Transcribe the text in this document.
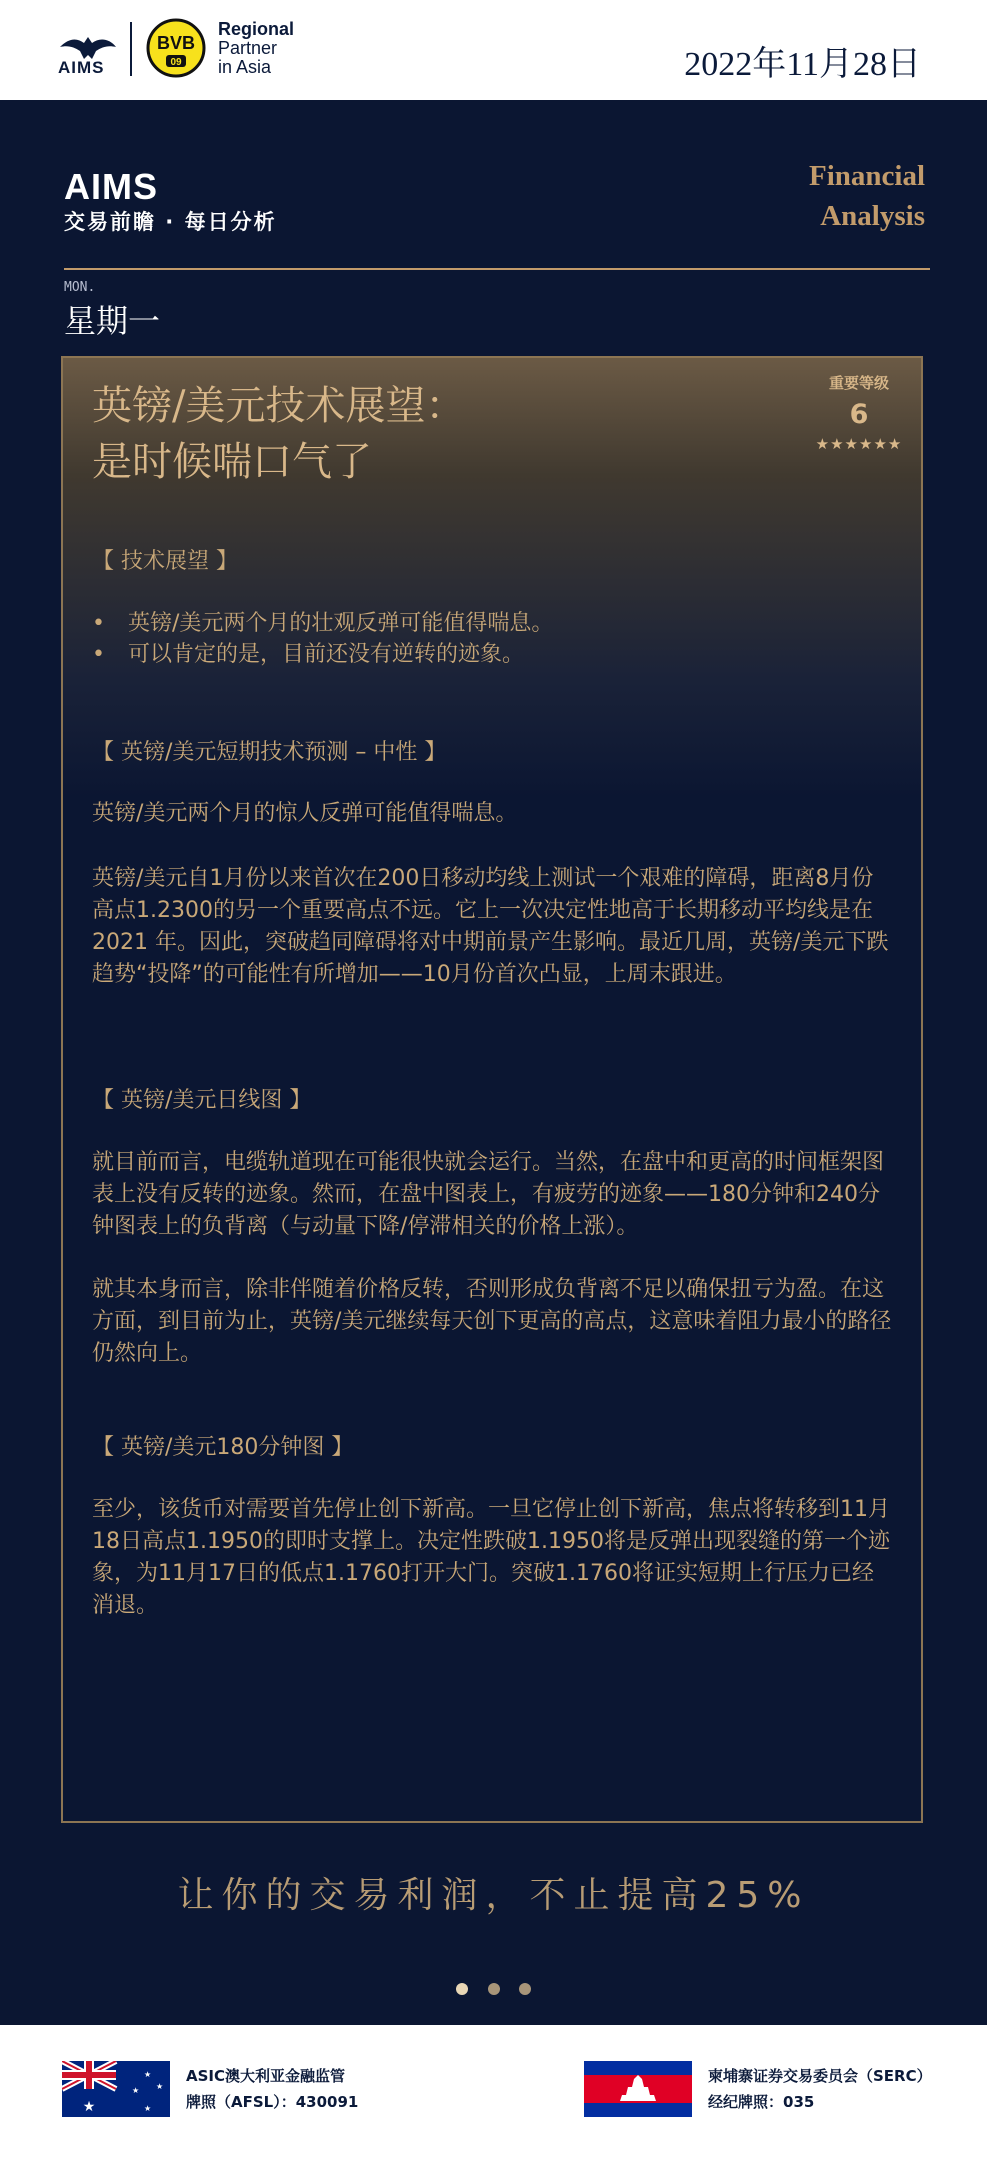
AIMS
BVB
09
Regional
Partner
in Asia	2022年11月28日
AIMS
交易前瞻 · 每日分析
Financial
Analysis
MON.
星期一
英镑/美元技术展望：
是时候喘口气了
重要等级
6
★★★★★★
【 技术展望 】
• 英镑/美元两个月的壮观反弹可能值得喘息。
• 可以肯定的是，目前还没有逆转的迹象。
【 英镑/美元短期技术预测 – 中性 】

英镑/美元两个月的惊人反弹可能值得喘息。

英镑/美元自1月份以来首次在200日移动均线上测试一个艰难的障碍，距离8月份高点1.2300的另一个重要高点不远。它上一次决定性地高于长期移动平均线是在 2021 年。因此，突破趋同障碍将对中期前景产生影响。最近几周，英镑/美元下跌趋势“投降”的可能性有所增加——10月份首次凸显，上周末跟进。

【 英镑/美元日线图 】

就目前而言，电缆轨道现在可能很快就会运行。当然，在盘中和更高的时间框架图表上没有反转的迹象。然而，在盘中图表上，有疲劳的迹象——180分钟和240分钟图表上的负背离（与动量下降/停滞相关的价格上涨）。

就其本身而言，除非伴随着价格反转，否则形成负背离不足以确保扭亏为盈。在这方面，到目前为止，英镑/美元继续每天创下更高的高点，这意味着阻力最小的路径仍然向上。

【 英镑/美元180分钟图 】

至少，该货币对需要首先停止创下新高。一旦它停止创下新高，焦点将转移到11月18日高点1.1950的即时支撑上。决定性跌破1.1950将是反弹出现裂缝的第一个迹象，为11月17日的低点1.1760打开大门。突破1.1760将证实短期上行压力已经消退。

让你的交易利润，不止提高25%

★
★
★
★
★
ASIC澳大利亚金融监管
牌照（AFSL）：430091
柬埔寨证券交易委员会（SERC）
经纪牌照：035
